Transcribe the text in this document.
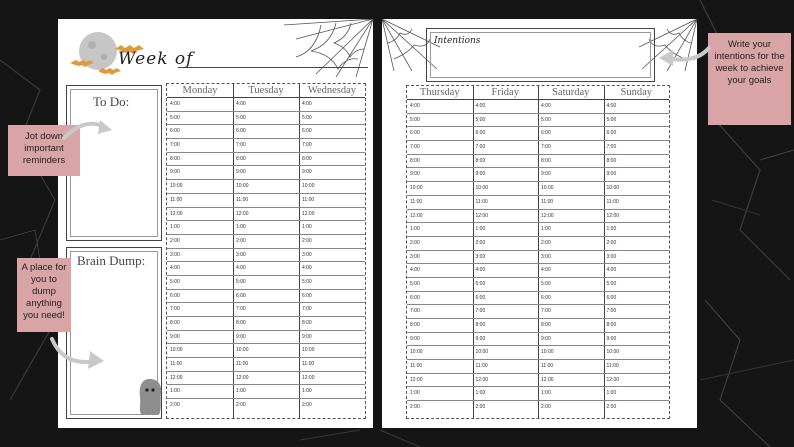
Week of
To Do:
Brain Dump:
Monday
4:00
5:00
6:00
7:00
8:00
9:00
10:00
11:00
12:00
1:00
2:00
3:00
4:00
5:00
6:00
7:00
8:00
9:00
10:00
11:00
12:00
1:00
2:00
Tuesday
4:00
5:00
6:00
7:00
8:00
9:00
10:00
11:00
12:00
1:00
2:00
3:00
4:00
5:00
6:00
7:00
8:00
9:00
10:00
11:00
12:00
1:00
2:00
Wednesday
4:00
5:00
6:00
7:00
8:00
9:00
10:00
11:00
12:00
1:00
2:00
3:00
4:00
5:00
6:00
7:00
8:00
9:00
10:00
11:00
12:00
1:00
2:00
Intentions
Thursday
4:00
5:00
6:00
7:00
8:00
9:00
10:00
11:00
12:00
1:00
2:00
3:00
4:00
5:00
6:00
7:00
8:00
9:00
10:00
11:00
12:00
1:00
2:00
Friday
4:00
5:00
6:00
7:00
8:00
9:00
10:00
11:00
12:00
1:00
2:00
3:00
4:00
5:00
6:00
7:00
8:00
9:00
10:00
11:00
12:00
1:00
2:00
Saturday
4:00
5:00
6:00
7:00
8:00
9:00
10:00
11:00
12:00
1:00
2:00
3:00
4:00
5:00
6:00
7:00
8:00
9:00
10:00
11:00
12:00
1:00
2:00
Sunday
4:00
5:00
6:00
7:00
8:00
9:00
10:00
11:00
12:00
1:00
2:00
3:00
4:00
5:00
6:00
7:00
8:00
9:00
10:00
11:00
12:00
1:00
2:00
Jot down important reminders
A place for you to dump anything you need!
Write your intentions for the week to achieve your goals
